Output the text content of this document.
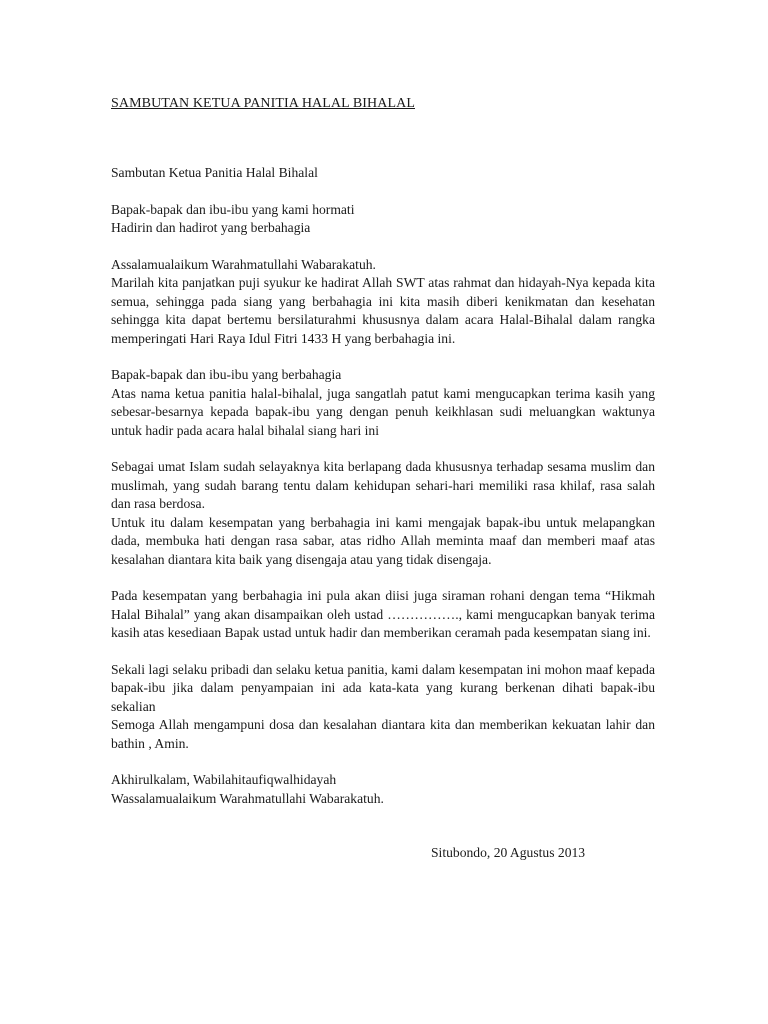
SAMBUTAN KETUA PANITIA HALAL BIHALAL

Sambutan Ketua Panitia Halal Bihalal

Bapak-bapak dan ibu-ibu yang kami hormati

Hadirin dan hadirot yang berbahagia

Assalamualaikum Warahmatullahi Wabarakatuh.

Marilah kita panjatkan puji syukur ke hadirat Allah SWT atas rahmat dan hidayah-Nya kepada kita semua, sehingga pada siang yang berbahagia ini kita masih diberi kenikmatan dan kesehatan sehingga kita dapat bertemu bersilaturahmi khususnya dalam acara Halal-Bihalal dalam rangka memperingati Hari Raya Idul Fitri 1433 H yang berbahagia ini.

Bapak-bapak dan ibu-ibu yang berbahagia

Atas nama ketua panitia halal-bihalal, juga sangatlah patut kami mengucapkan terima kasih yang sebesar-besarnya kepada bapak-ibu yang dengan penuh keikhlasan sudi meluangkan waktunya untuk hadir pada acara halal bihalal siang hari ini

Sebagai umat Islam sudah selayaknya kita berlapang dada khususnya terhadap sesama muslim dan muslimah, yang sudah barang tentu dalam kehidupan sehari-hari memiliki rasa khilaf, rasa salah dan rasa berdosa.

Untuk itu dalam kesempatan yang berbahagia ini kami mengajak bapak-ibu untuk melapangkan dada, membuka hati dengan rasa sabar, atas ridho Allah meminta maaf dan memberi maaf atas kesalahan diantara kita baik yang disengaja atau yang tidak disengaja.

Pada kesempatan yang berbahagia ini pula akan diisi juga siraman rohani dengan tema “Hikmah Halal Bihalal” yang akan disampaikan oleh ustad ……………., kami mengucapkan banyak terima kasih atas kesediaan Bapak ustad untuk hadir dan memberikan ceramah pada kesempatan siang ini.

Sekali lagi selaku pribadi dan selaku ketua panitia, kami dalam kesempatan ini mohon maaf kepada bapak-ibu jika dalam penyampaian ini ada kata-kata yang kurang berkenan dihati bapak-ibu sekalian

Semoga Allah mengampuni dosa dan kesalahan diantara kita dan memberikan kekuatan lahir dan bathin , Amin.

Akhirulkalam, Wabilahitaufiqwalhidayah

Wassalamualaikum Warahmatullahi Wabarakatuh.

Situbondo, 20 Agustus 2013
